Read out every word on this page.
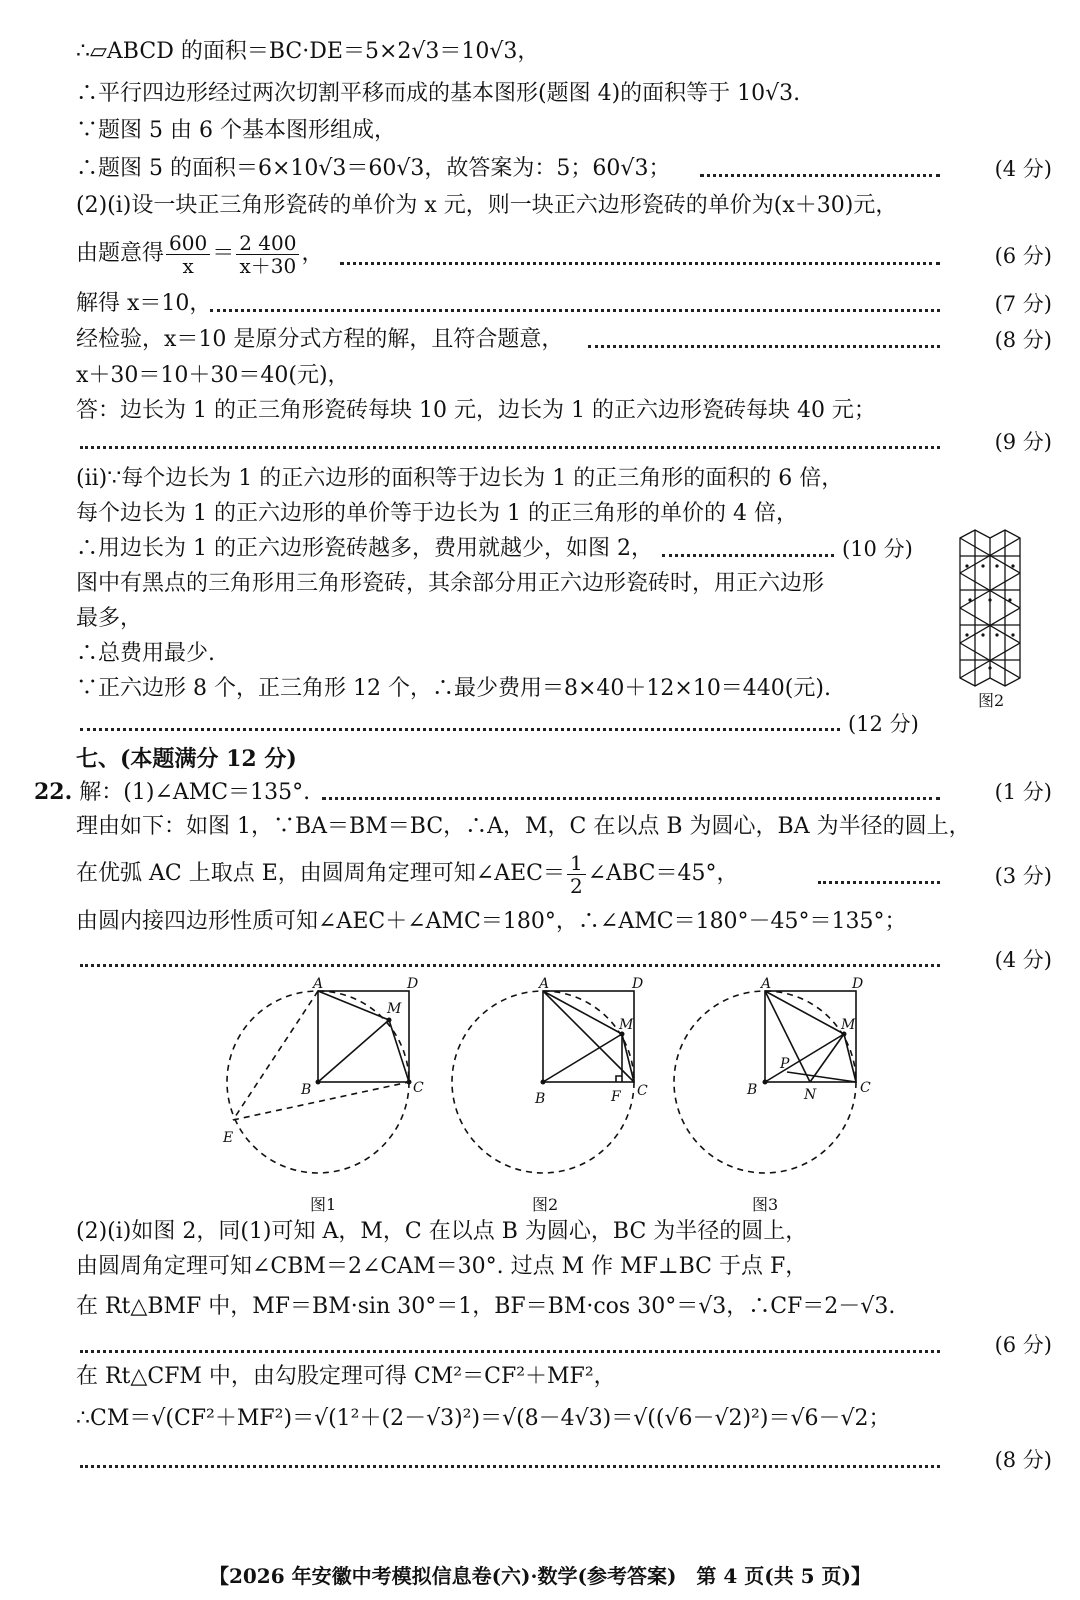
∴▱ABCD 的面积＝BC·DE＝5×2√3＝10√3，
∴平行四边形经过两次切割平移而成的基本图形(题图 4)的面积等于 10√3.
∵题图 5 由 6 个基本图形组成，
∴题图 5 的面积＝6×10√3＝60√3，故答案为：5；60√3；	(4 分)
(2)(ⅰ)设一块正三角形瓷砖的单价为 x 元，则一块正六边形瓷砖的单价为(x＋30)元，
由题意得 $\frac{600}{x} = \frac{2 400}{x+30}$ ，	(6 分)
解得 x＝10，	(7 分)
经检验，x＝10 是原分式方程的解，且符合题意，	(8 分)
x＋30＝10＋30＝40(元)，
答：边长为 1 的正三角形瓷砖每块 10 元，边长为 1 的正六边形瓷砖每块 40 元；
(9 分)
(ⅱ)∵每个边长为 1 的正六边形的面积等于边长为 1 的正三角形的面积的 6 倍，
每个边长为 1 的正六边形的单价等于边长为 1 的正三角形的单价的 4 倍，
∴用边长为 1 的正六边形瓷砖越多，费用就越少，如图 2，	(10 分)
图中有黑点的三角形用三角形瓷砖，其余部分用正六边形瓷砖时，用正六边形
最多，
∴总费用最少.
∵正六边形 8 个，正三角形 12 个，∴最少费用＝8×40＋12×10＝440(元).
(12 分)
图2
七、(本题满分 12 分)
22. 解：(1)∠AMC＝135°.	(1 分)
理由如下：如图 1，∵BA＝BM＝BC，∴A，M，C 在以点 B 为圆心，BA 为半径的圆上，
在优弧 AC 上取点 E，由圆周角定理可知∠AEC＝ $\frac{1}{2}$ ∠ABC＝45°，	(3 分)
由圆内接四边形性质可知∠AEC＋∠AMC＝180°，∴∠AMC＝180°－45°＝135°；
(4 分)
A	D
M
B	C
E
A	D
M
B	F C
A	D
M
P
B	N	C
图1	图2	图3
(2)(ⅰ)如图 2，同(1)可知 A，M，C 在以点 B 为圆心，BC 为半径的圆上，
由圆周角定理可知∠CBM＝2∠CAM＝30°. 过点 M 作 MF⊥BC 于点 F，
在 Rt△BMF 中，MF＝BM·sin 30°＝1，BF＝BM·cos 30°＝√3，∴CF＝2－√3.
(6 分)
在 Rt△CFM 中，由勾股定理可得 CM²＝CF²＋MF²，
∴CM＝√(CF²＋MF²)＝√(1²＋(2－√3)²)＝√(8－4√3)＝√((√6－√2)²)＝√6－√2；
(8 分)
【2026 年安徽中考模拟信息卷(六)·数学(参考答案)　第 4 页(共 5 页)】
